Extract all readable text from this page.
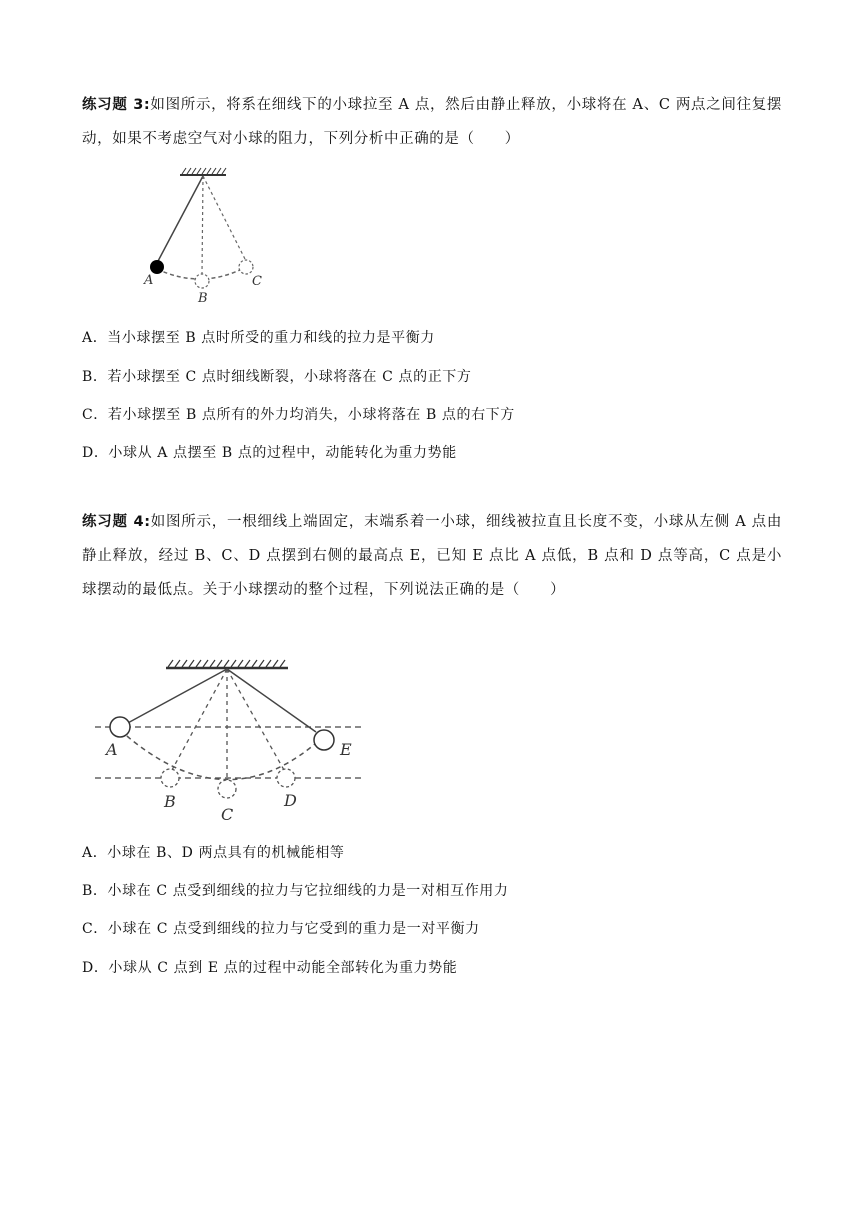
练习题 3:如图所示，将系在细线下的小球拉至 A 点，然后由静止释放，小球将在 A、C 两点之间往复摆动，如果不考虑空气对小球的阻力，下列分析中正确的是（　　）
A
B
C
A．当小球摆至 B 点时所受的重力和线的拉力是平衡力
B．若小球摆至 C 点时细线断裂，小球将落在 C 点的正下方
C．若小球摆至 B 点所有的外力均消失，小球将落在 B 点的右下方
D．小球从 A 点摆至 B 点的过程中，动能转化为重力势能
练习题 4:如图所示，一根细线上端固定，末端系着一小球，细线被拉直且长度不变，小球从左侧 A 点由静止释放，经过 B、C、D 点摆到右侧的最高点 E，已知 E 点比 A 点低，B 点和 D 点等高，C 点是小球摆动的最低点。关于小球摆动的整个过程，下列说法正确的是（　　）
A
B
C
D
E
A．小球在 B、D 两点具有的机械能相等
B．小球在 C 点受到细线的拉力与它拉细线的力是一对相互作用力
C．小球在 C 点受到细线的拉力与它受到的重力是一对平衡力
D．小球从 C 点到 E 点的过程中动能全部转化为重力势能
